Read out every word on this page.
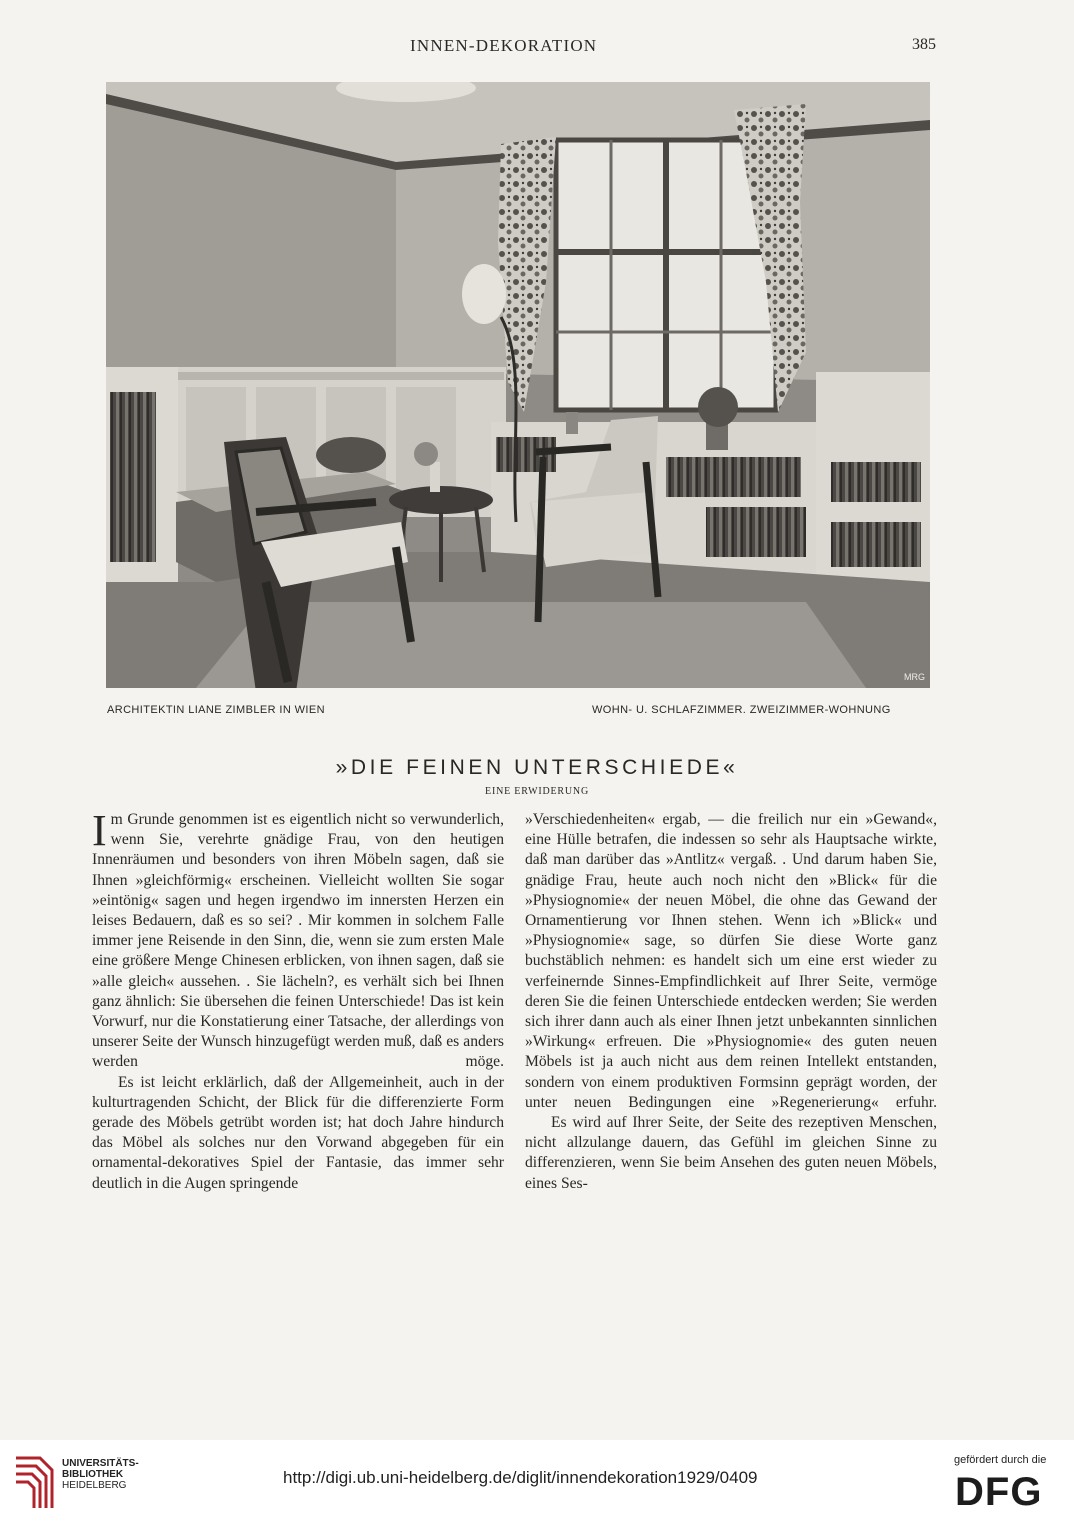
INNEN-DEKORATION	385
MRG
ARCHITEKTIN LIANE ZIMBLER IN WIEN	WOHN- U. SCHLAFZIMMER. ZWEIZIMMER-WOHNUNG
»DIE FEINEN UNTERSCHIEDE«
EINE ERWIDERUNG

Im Grunde genommen ist es eigentlich nicht so verwunderlich, wenn Sie, verehrte gnädige Frau, von den heutigen Innenräumen und besonders von ihren Möbeln sagen, daß sie Ihnen »gleichförmig« erscheinen. Vielleicht wollten Sie sogar »eintönig« sagen und hegen irgendwo im innersten Herzen ein leises Bedauern, daß es so sei? . Mir kommen in solchem Falle immer jene Reisende in den Sinn, die, wenn sie zum ersten Male eine größere Menge Chinesen erblicken, von ihnen sagen, daß sie »alle gleich« aussehen. . Sie lächeln?, es verhält sich bei Ihnen ganz ähnlich: Sie übersehen die feinen Unterschiede! Das ist kein Vorwurf, nur die Konstatierung einer Tatsache, der allerdings von unserer Seite der Wunsch hinzugefügt werden muß, daß es anders werden möge.

Es ist leicht erklärlich, daß der Allgemeinheit, auch in der kulturtragenden Schicht, der Blick für die differenzierte Form gerade des Möbels getrübt worden ist; hat doch Jahre hindurch das Möbel als solches nur den Vorwand abgegeben für ein ornamental-dekoratives Spiel der Fantasie, das immer sehr deutlich in die Augen springende

»Verschiedenheiten« ergab, — die freilich nur ein »Gewand«, eine Hülle betrafen, die indessen so sehr als Hauptsache wirkte, daß man darüber das »Antlitz« vergaß. . Und darum haben Sie, gnädige Frau, heute auch noch nicht den »Blick« für die »Physiognomie« der neuen Möbel, die ohne das Gewand der Ornamentierung vor Ihnen stehen. Wenn ich »Blick« und »Physiognomie« sage, so dürfen Sie diese Worte ganz buchstäblich nehmen: es handelt sich um eine erst wieder zu verfeinernde Sinnes-Empfindlichkeit auf Ihrer Seite, vermöge deren Sie die feinen Unterschiede entdecken werden; Sie werden sich ihrer dann auch als einer Ihnen jetzt unbekannten sinnlichen »Wirkung« erfreuen. Die »Physiognomie« des guten neuen Möbels ist ja auch nicht aus dem reinen Intellekt entstanden, sondern von einem produktiven Formsinn geprägt worden, der unter neuen Bedingungen eine »Regenerierung« erfuhr.

Es wird auf Ihrer Seite, der Seite des rezeptiven Menschen, nicht allzulange dauern, das Gefühl im gleichen Sinne zu differenzieren, wenn Sie beim Ansehen des guten neuen Möbels, eines Ses-

UNIVERSITÄTS-
BIBLIOTHEK
HEIDELBERG	http://digi.ub.uni-heidelberg.de/diglit/innendekoration1929/0409
gefördert durch die
DFG
